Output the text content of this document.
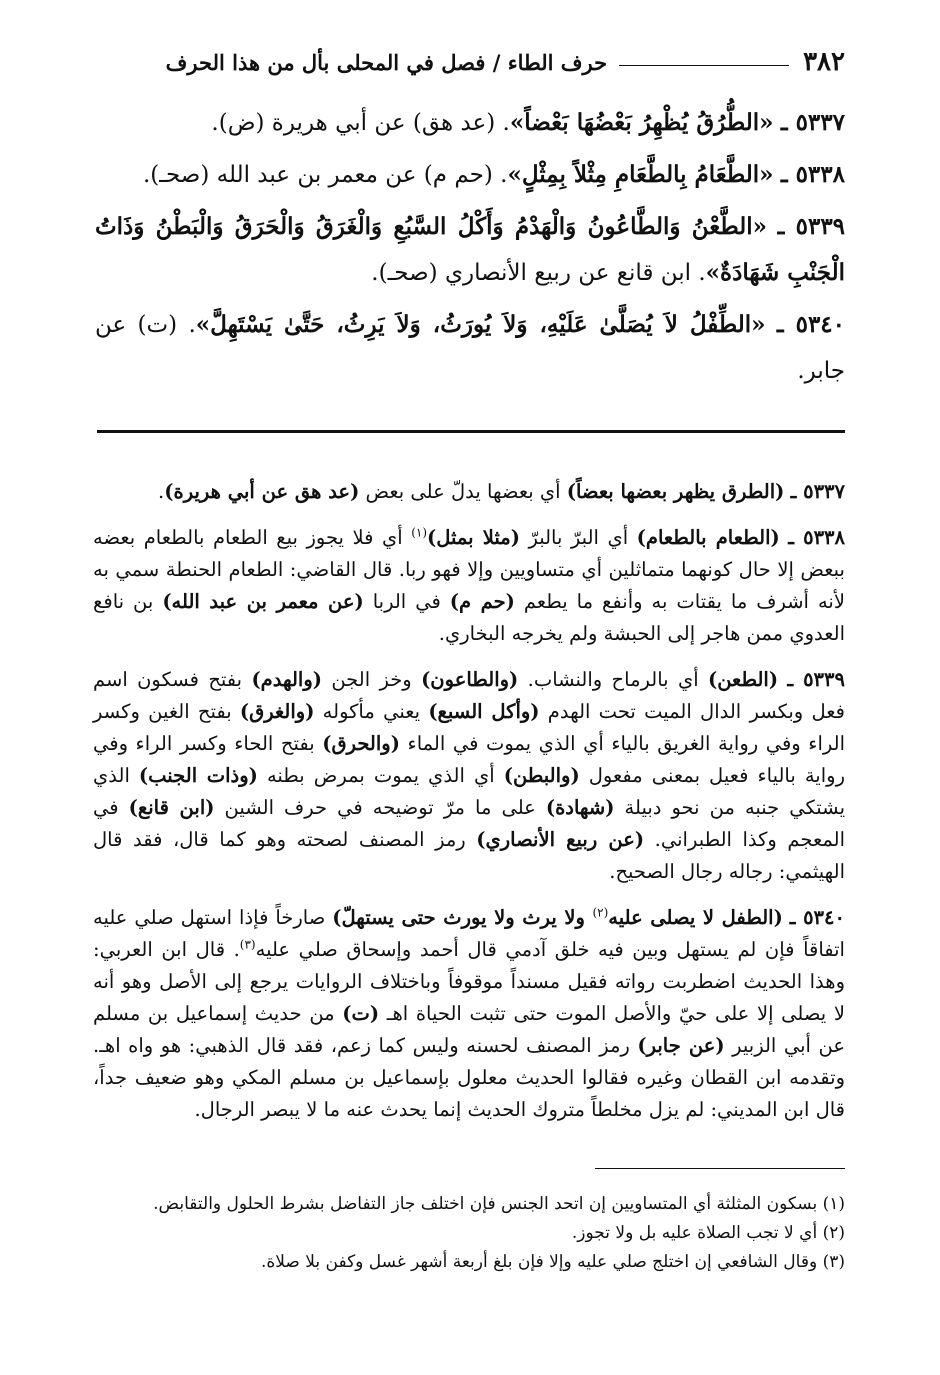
٣٨٢
حرف الطاء / فصل في المحلى بأل من هذا الحرف

٥٣٣٧ ـ «الطُّرُقُ يُظْهِرُ بَعْضُهَا بَعْضاً». (عد هق) عن أبي هريرة (ض).

٥٣٣٨ ـ «الطَّعَامُ بِالطَّعَامِ مِثْلاً بِمِثْلٍ». (حم م) عن معمر بن عبد الله (صحـ).

٥٣٣٩ ـ «الطَّعْنُ وَالطَّاعُونُ وَالْهَدْمُ وَأَكْلُ السَّبُعِ وَالْغَرَقُ وَالْحَرَقُ وَالْبَطْنُ وَذَاتُ الْجَنْبِ شَهَادَةٌ». ابن قانع عن ربيع الأنصاري (صحـ).

٥٣٤٠ ـ «الطِّفْلُ لاَ يُصَلَّىٰ عَلَيْهِ، وَلاَ يُورَثُ، وَلاَ يَرِثُ، حَتَّىٰ يَسْتَهِلَّ». (ت) عن جابر.

٥٣٣٧ ـ (الطرق يظهر بعضها بعضاً) أي بعضها يدلّ على بعض (عد هق عن أبي هريرة).

٥٣٣٨ ـ (الطعام بالطعام) أي البرّ بالبرّ (مثلا بمثل)$^{(١)}$ أي فلا يجوز بيع الطعام بالطعام بعضه ببعض إلا حال كونهما متماثلين أي متساويين وإلا فهو ربا. قال القاضي: الطعام الحنطة سمي به لأنه أشرف ما يقتات به وأنفع ما يطعم (حم م) في الربا (عن معمر بن عبد الله) بن نافع العدوي ممن هاجر إلى الحبشة ولم يخرجه البخاري.

٥٣٣٩ ـ (الطعن) أي بالرماح والنشاب. (والطاعون) وخز الجن (والهدم) بفتح فسكون اسم فعل وبكسر الدال الميت تحت الهدم (وأكل السبع) يعني مأكوله (والغرق) بفتح الغين وكسر الراء وفي رواية الغريق بالياء أي الذي يموت في الماء (والحرق) بفتح الحاء وكسر الراء وفي رواية بالياء فعيل بمعنى مفعول (والبطن) أي الذي يموت بمرض بطنه (وذات الجنب) الذي يشتكي جنبه من نحو دبيلة (شهادة) على ما مرّ توضيحه في حرف الشين (ابن قانع) في المعجم وكذا الطبراني. (عن ربيع الأنصاري) رمز المصنف لصحته وهو كما قال، فقد قال الهيثمي: رجاله رجال الصحيح.

٥٣٤٠ ـ (الطفل لا يصلى عليه$^{(٢)}$ ولا يرث ولا يورث حتى يستهلّ) صارخاً فإذا استهل صلي عليه اتفاقاً فإن لم يستهل وبين فيه خلق آدمي قال أحمد وإسحاق صلي عليه$^{(٣)}$. قال ابن العربي: وهذا الحديث اضطربت رواته فقيل مسنداً موقوفاً وباختلاف الروايات يرجع إلى الأصل وهو أنه لا يصلى إلا على حيّ والأصل الموت حتى تثبت الحياة اهـ (ت) من حديث إسماعيل بن مسلم عن أبي الزبير (عن جابر) رمز المصنف لحسنه وليس كما زعم، فقد قال الذهبي: هو واه اهـ. وتقدمه ابن القطان وغيره فقالوا الحديث معلول بإسماعيل بن مسلم المكي وهو ضعيف جداً، قال ابن المديني: لم يزل مخلطاً متروك الحديث إنما يحدث عنه ما لا يبصر الرجال.

(١) بسكون المثلثة أي المتساويين إن اتحد الجنس فإن اختلف جاز التفاضل بشرط الحلول والتقابض.

(٢) أي لا تجب الصلاة عليه بل ولا تجوز.

(٣) وقال الشافعي إن اختلج صلي عليه وإلا فإن بلغ أربعة أشهر غسل وكفن بلا صلاة.
